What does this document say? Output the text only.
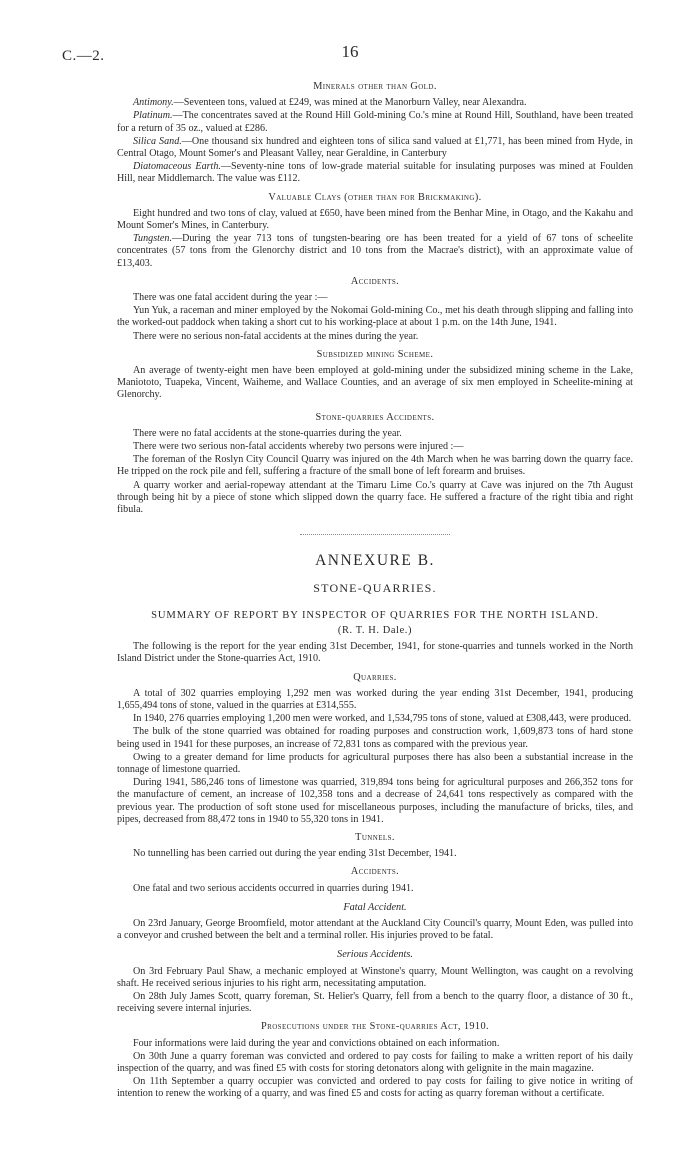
C.—2.	16
Minerals other than Gold.

Antimony.—Seventeen tons, valued at £249, was mined at the Manorburn Valley, near Alexandra.

Platinum.—The concentrates saved at the Round Hill Gold-mining Co.'s mine at Round Hill, Southland, have been treated for a return of 35 oz., valued at £286.

Silica Sand.—One thousand six hundred and eighteen tons of silica sand valued at £1,771, has been mined from Hyde, in Central Otago, Mount Somer's and Pleasant Valley, near Geraldine, in Canterbury

Diatomaceous Earth.—Seventy-nine tons of low-grade material suitable for insulating purposes was mined at Foulden Hill, near Middlemarch. The value was £112.

Valuable Clays (other than for Brickmaking).

Eight hundred and two tons of clay, valued at £650, have been mined from the Benhar Mine, in Otago, and the Kakahu and Mount Somer's Mines, in Canterbury.

Tungsten.—During the year 713 tons of tungsten-bearing ore has been treated for a yield of 67 tons of scheelite concentrates (57 tons from the Glenorchy district and 10 tons from the Macrae's district), with an approximate value of £13,403.

Accidents.

There was one fatal accident during the year :—

Yun Yuk, a raceman and miner employed by the Nokomai Gold-mining Co., met his death through slipping and falling into the worked-out paddock when taking a short cut to his working-place at about 1 p.m. on the 14th June, 1941.

There were no serious non-fatal accidents at the mines during the year.

Subsidized mining Scheme.

An average of twenty-eight men have been employed at gold-mining under the subsidized mining scheme in the Lake, Maniototo, Tuapeka, Vincent, Waiheme, and Wallace Counties, and an average of six men employed in Scheelite-mining at Glenorchy.

Stone-quarries Accidents.

There were no fatal accidents at the stone-quarries during the year.

There were two serious non-fatal accidents whereby two persons were injured :—

The foreman of the Roslyn City Council Quarry was injured on the 4th March when he was barring down the quarry face. He tripped on the rock pile and fell, suffering a fracture of the small bone of left forearm and bruises.

A quarry worker and aerial-ropeway attendant at the Timaru Lime Co.'s quarry at Cave was injured on the 7th August through being hit by a piece of stone which slipped down the quarry face. He suffered a fracture of the right tibia and right fibula.

ANNEXURE B.
STONE-QUARRIES.
SUMMARY OF REPORT BY INSPECTOR OF QUARRIES FOR THE NORTH ISLAND.
(R. T. H. Dale.)

The following is the report for the year ending 31st December, 1941, for stone-quarries and tunnels worked in the North Island District under the Stone-quarries Act, 1910.

Quarries.

A total of 302 quarries employing 1,292 men was worked during the year ending 31st December, 1941, producing 1,655,494 tons of stone, valued in the quarries at £314,555.

In 1940, 276 quarries employing 1,200 men were worked, and 1,534,795 tons of stone, valued at £308,443, were produced.

The bulk of the stone quarried was obtained for roading purposes and construction work, 1,609,873 tons of hard stone being used in 1941 for these purposes, an increase of 72,831 tons as compared with the previous year.

Owing to a greater demand for lime products for agricultural purposes there has also been a substantial increase in the tonnage of limestone quarried.

During 1941, 586,246 tons of limestone was quarried, 319,894 tons being for agricultural purposes and 266,352 tons for the manufacture of cement, an increase of 102,358 tons and a decrease of 24,641 tons respectively as compared with the previous year. The production of soft stone used for miscellaneous purposes, including the manufacture of bricks, tiles, and pipes, decreased from 88,472 tons in 1940 to 55,320 tons in 1941.

Tunnels.

No tunnelling has been carried out during the year ending 31st December, 1941.

Accidents.

One fatal and two serious accidents occurred in quarries during 1941.

Fatal Accident.

On 23rd January, George Broomfield, motor attendant at the Auckland City Council's quarry, Mount Eden, was pulled into a conveyor and crushed between the belt and a terminal roller. His injuries proved to be fatal.

Serious Accidents.

On 3rd February Paul Shaw, a mechanic employed at Winstone's quarry, Mount Wellington, was caught on a revolving shaft. He received serious injuries to his right arm, necessitating amputation.

On 28th July James Scott, quarry foreman, St. Helier's Quarry, fell from a bench to the quarry floor, a distance of 30 ft., receiving severe internal injuries.

Prosecutions under the Stone-quarries Act, 1910.

Four informations were laid during the year and convictions obtained on each information.

On 30th June a quarry foreman was convicted and ordered to pay costs for failing to make a written report of his daily inspection of the quarry, and was fined £5 with costs for storing detonators along with gelignite in the main magazine.

On 11th September a quarry occupier was convicted and ordered to pay costs for failing to give notice in writing of intention to renew the working of a quarry, and was fined £5 and costs for acting as quarry foreman without a certificate.
